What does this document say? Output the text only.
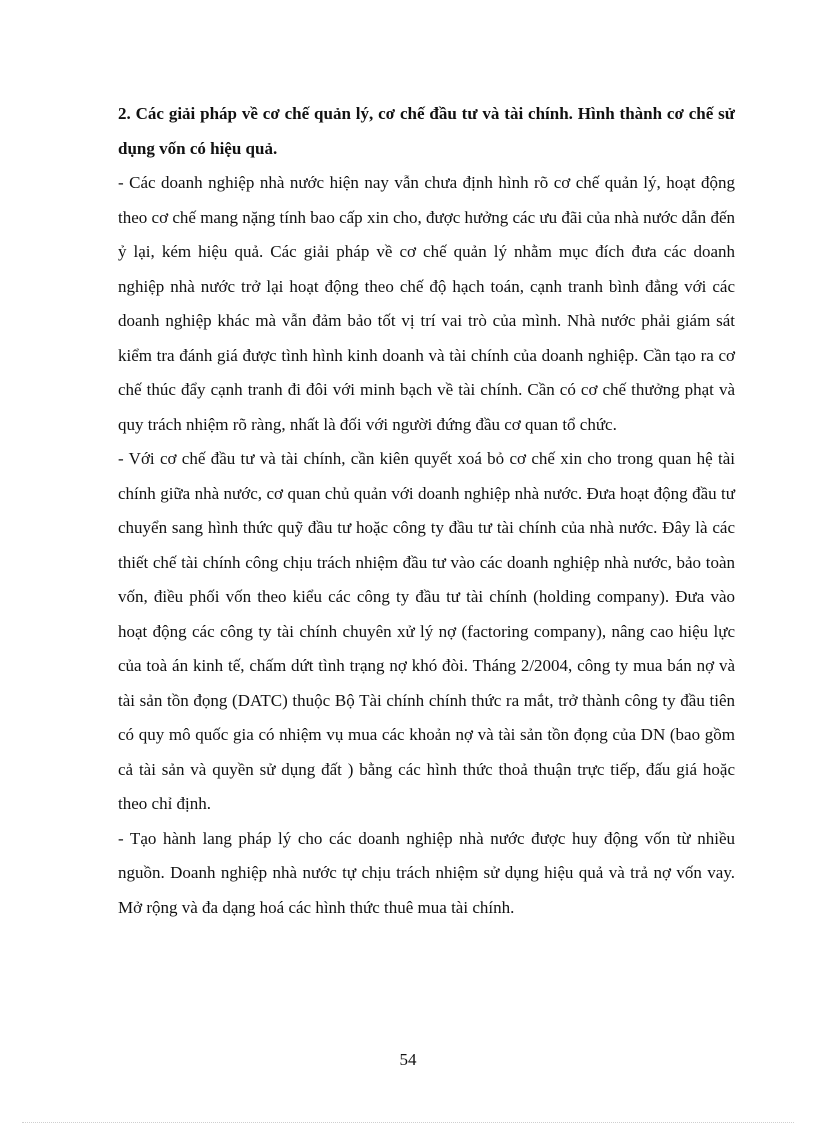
2. Các giải pháp về cơ chế quản lý, cơ chế đầu tư và tài chính. Hình thành cơ chế sử dụng vốn có hiệu quả.

- Các doanh nghiệp nhà nước hiện nay vẫn chưa định hình rõ cơ chế quản lý, hoạt động theo cơ chế mang nặng tính bao cấp xin cho, được hưởng các ưu đãi của nhà nước dẫn đến ỷ lại, kém hiệu quả. Các giải pháp về cơ chế quản lý nhằm mục đích đưa các doanh nghiệp nhà nước trở lại hoạt động theo chế độ hạch toán, cạnh tranh bình đẳng với các doanh nghiệp khác mà vẫn đảm bảo tốt vị trí vai trò của mình. Nhà nước phải giám sát kiểm tra đánh giá được tình hình kinh doanh và tài chính của doanh nghiệp. Cần tạo ra cơ chế thúc đẩy cạnh tranh đi đôi với minh bạch về tài chính. Cần có cơ chế thưởng phạt và quy trách nhiệm rõ ràng, nhất là đối với người đứng đầu cơ quan tổ chức.

- Với cơ chế đầu tư và tài chính, cần kiên quyết xoá bỏ cơ chế xin cho trong quan hệ tài chính giữa nhà nước, cơ quan chủ quản với doanh nghiệp nhà nước. Đưa hoạt động đầu tư chuyển sang hình thức quỹ đầu tư hoặc công ty đầu tư tài chính của nhà nước. Đây là các thiết chế tài chính công chịu trách nhiệm đầu tư vào các doanh nghiệp nhà nước, bảo toàn vốn, điều phối vốn theo kiểu các công ty đầu tư tài chính (holding company). Đưa vào hoạt động các công ty tài chính chuyên xử lý nợ (factoring company), nâng cao hiệu lực của toà án kinh tế, chấm dứt tình trạng nợ khó đòi. Tháng 2/2004, công ty mua bán nợ và tài sản tồn đọng (DATC) thuộc Bộ Tài chính chính thức ra mắt, trở thành công ty đầu tiên có quy mô quốc gia có nhiệm vụ mua các khoản nợ và tài sản tồn đọng của DN (bao gồm cả tài sản và quyền sử dụng đất ) bằng các hình thức thoả thuận trực tiếp, đấu giá hoặc theo chỉ định.

- Tạo hành lang pháp lý cho các doanh nghiệp nhà nước được huy động vốn từ nhiều nguồn. Doanh nghiệp nhà nước tự chịu trách nhiệm sử dụng hiệu quả và trả nợ vốn vay. Mở rộng và đa dạng hoá các hình thức thuê mua tài chính.

54
